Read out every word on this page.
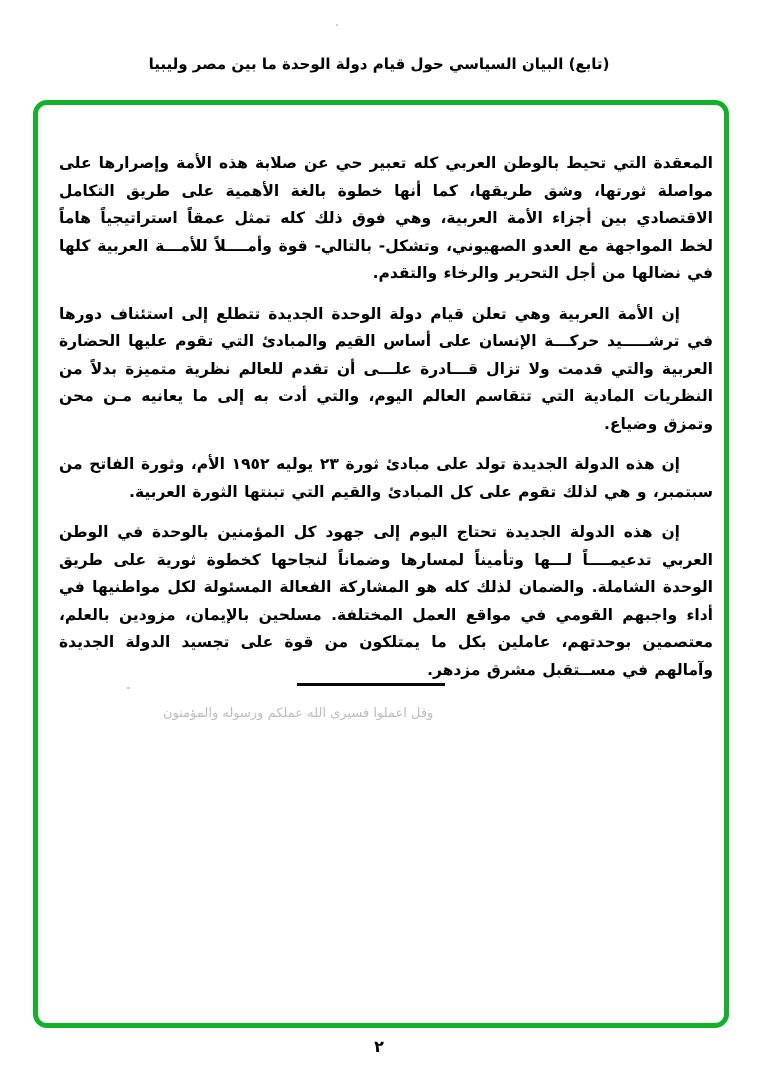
(تابع) البيان السياسي حول قيام دولة الوحدة ما بين مصر وليبيا

المعقدة التي تحيط بالوطن العربي كله تعبير حي عن صلابة هذه الأمة وإصرارها على مواصلة ثورتها، وشق طريقها، كما أنها خطوة بالغة الأهمية على طريق التكامل الاقتصادي بين أجزاء الأمة العربية، وهي فوق ذلك كله تمثل عمقاً استراتيجياً هاماً لخط المواجهة مع العدو الصهيوني، وتشكل- بالتالي- قوة وأمــــلاً للأمـــة العربية كلها في نضالها من أجل التحرير والرخاء والتقدم.

إن الأمة العربية وهي تعلن قيام دولة الوحدة الجديدة تتطلع إلى استئناف دورها في ترشـــــيد حركـــة الإنسان على أساس القيم والمبادئ التي تقوم عليها الحضارة العربية والتي قدمت ولا تزال قـــادرة علـــى أن تقدم للعالم نظرية متميزة بدلاً من النظريات المادية التي تتقاسم العالم اليوم، والتي أدت به إلى ما يعانيه مـن محن وتمزق وضياع.

إن هذه الدولة الجديدة تولد على مبادئ ثورة ٢٣ يوليه ١٩٥٢ الأم، وثورة الفاتح من سبتمبر، و هي لذلك تقوم على كل المبادئ والقيم التي تبنتها الثورة العربية.

إن هذه الدولة الجديدة تحتاج اليوم إلى جهود كل المؤمنين بالوحدة في الوطن العربي تدعيمــــاً لـــها وتأميناً لمسارها وضماناً لنجاحها كخطوة ثورية على طريق الوحدة الشاملة. والضمان لذلك كله هو المشاركة الفعالة المسئولة لكل مواطنيها في أداء واجبهم القومي في مواقع العمل المختلفة. مسلحين بالإيمان، مزودين بالعلم، معتصمين بوحدتهم، عاملين بكل ما يمتلكون من قوة على تجسيد الدولة الجديدة وآمالهم في مســتقبل مشرق مزدهر.

وقل اعملوا فسيرى الله عملكم ورسوله والمؤمنون
٢
